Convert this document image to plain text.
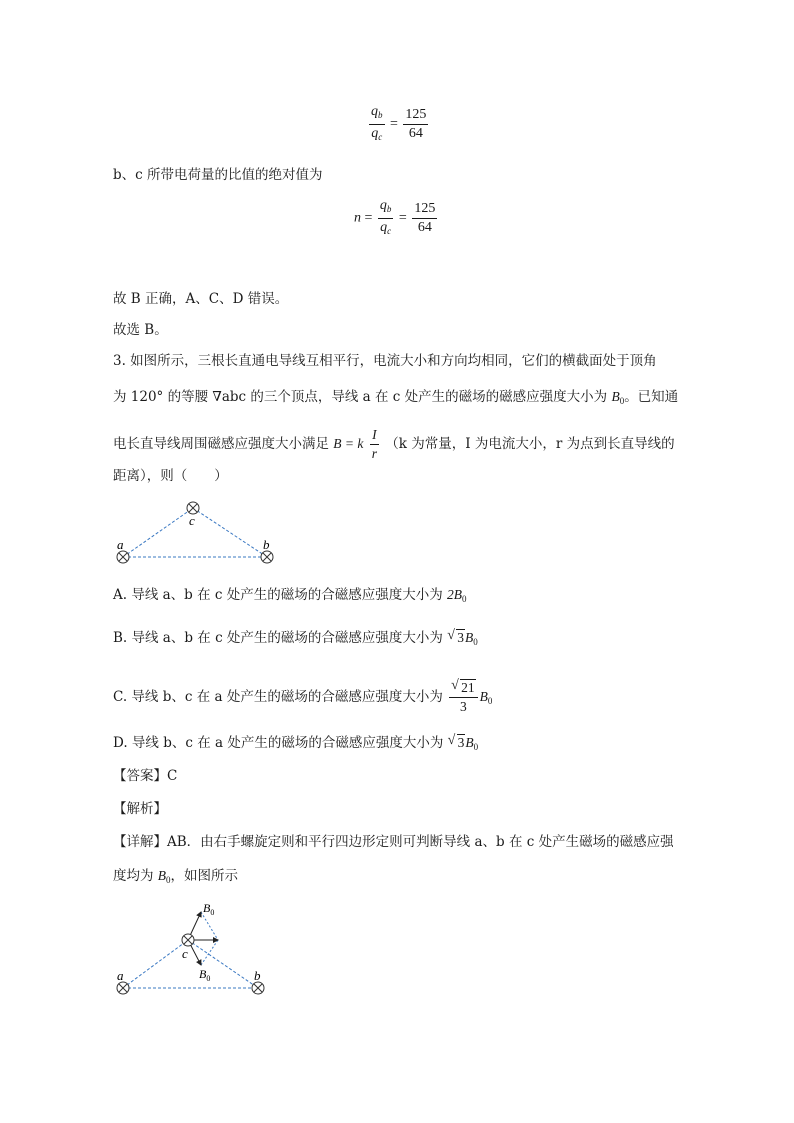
$\frac{q_b}{q_c} = \frac{125}{64}$
b、c 所带电荷量的比值的绝对值为
$n = \frac{q_b}{q_c} = \frac{125}{64}$
故 B 正确，A、C、D 错误。
故选 B。
3. 如图所示，三根长直通电导线互相平行，电流大小和方向均相同，它们的横截面处于顶角
为 120° 的等腰 ∇abc 的三个顶点，导线 a 在 c 处产生的磁场的磁感应强度大小为 $B_0$。已知通
电长直导线周围磁感应强度大小满足 B = k $\frac{I}{r} (k$ 为常量，I 为电流大小，r 为点到长直导线的
距离），则（　　）
c
a	b
A. 导线 a、b 在 c 处产生的磁场的合磁感应强度大小为 $2B_0$
B. 导线 a、b 在 c 处产生的磁场的合磁感应强度大小为 √ $3B_0$
C. 导线 b、c 在 a 处产生的磁场的合磁感应强度大小为 $\frac{√ 21}{3} B_0$
D. 导线 b、c 在 a 处产生的磁场的合磁感应强度大小为 √ $3B_0$
【答案】C
【解析】
【详解】AB．由右手螺旋定则和平行四边形定则可判断导线 a、b 在 c 处产生磁场的磁感应强
度均为 $B_0$，如图所示
$B_0$
c
$B_0$
a	b
